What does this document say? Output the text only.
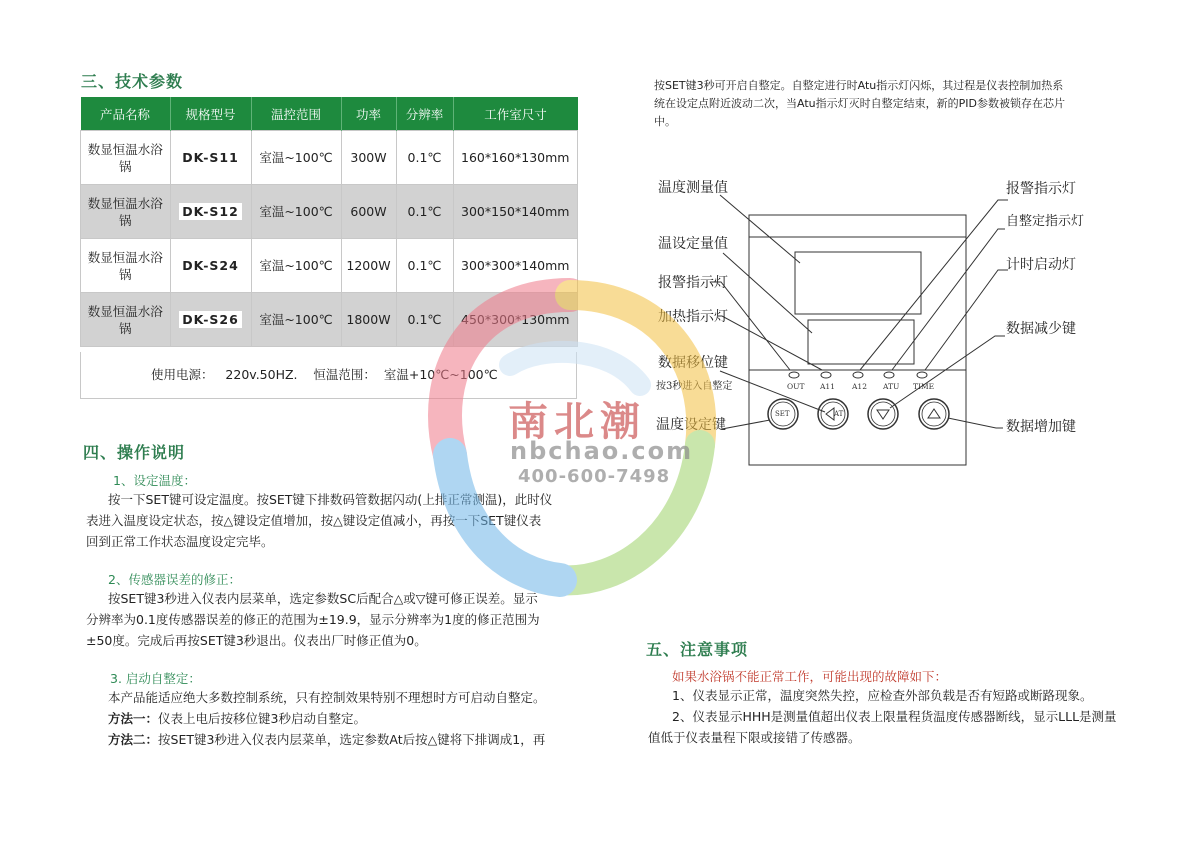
三、技术参数
产品名称	规格型号	温控范围	功率	分辨率	工作室尺寸
数显恒温水浴锅	DK-S11	室温~100℃	300W	0.1℃	160*160*130mm
数显恒温水浴锅	DK-S12	室温~100℃	600W	0.1℃	300*150*140mm
数显恒温水浴锅	DK-S24	室温~100℃	1200W	0.1℃	300*300*140mm
数显恒温水浴锅	DK-S26	室温~100℃	1800W	0.1℃	450*300*130mm
使用电源：   220v.50HZ.    恒温范围：  室温+10℃~100℃
四、操作说明
1、设定温度：
按一下SET键可设定温度。按SET键下排数码管数据闪动(上排正常测温)，此时仪
表进入温度设定状态，按△键设定值增加，按△键设定值减小，再按一下SET键仪表
回到正常工作状态温度设定完毕。
2、传感器误差的修正：
按SET键3秒进入仪表内层菜单，选定参数SC后配合△或▽键可修正误差。显示
分辨率为0.1度传感器误差的修正的范围为±19.9，显示分辨率为1度的修正范围为
±50度。完成后再按SET键3秒退出。仪表出厂时修正值为0。
3. 启动自整定：
本产品能适应绝大多数控制系统，只有控制效果特别不理想时方可启动自整定。
方法一：仪表上电后按移位键3秒启动自整定。
方法二：按SET键3秒进入仪表内层菜单，选定参数At后按△键将下排调成1，再
按SET键3秒可开启自整定。自整定进行时Atu指示灯闪烁，其过程是仪表控制加热系
统在设定点附近波动二次，当Atu指示灯灭时自整定结束，新的PID参数被锁存在芯片
中。
温度测量值
温设定量值
报警指示灯
加热指示灯
数据移位键
按3秒进入自整定
温度设定键
报警指示灯
自整定指示灯
计时启动灯
数据减少键
数据增加键
OUT A11 A12 ATU TIME
SET	AT
五、注意事项
如果水浴锅不能正常工作，可能出现的故障如下：
1、仪表显示正常，温度突然失控，应检查外部负载是否有短路或断路现象。
2、仪表显示HHH是测量值超出仪表上限量程货温度传感器断线，显示LLL是测量
值低于仪表量程下限或接错了传感器。
南北潮
nbchao.com
400-600-7498
